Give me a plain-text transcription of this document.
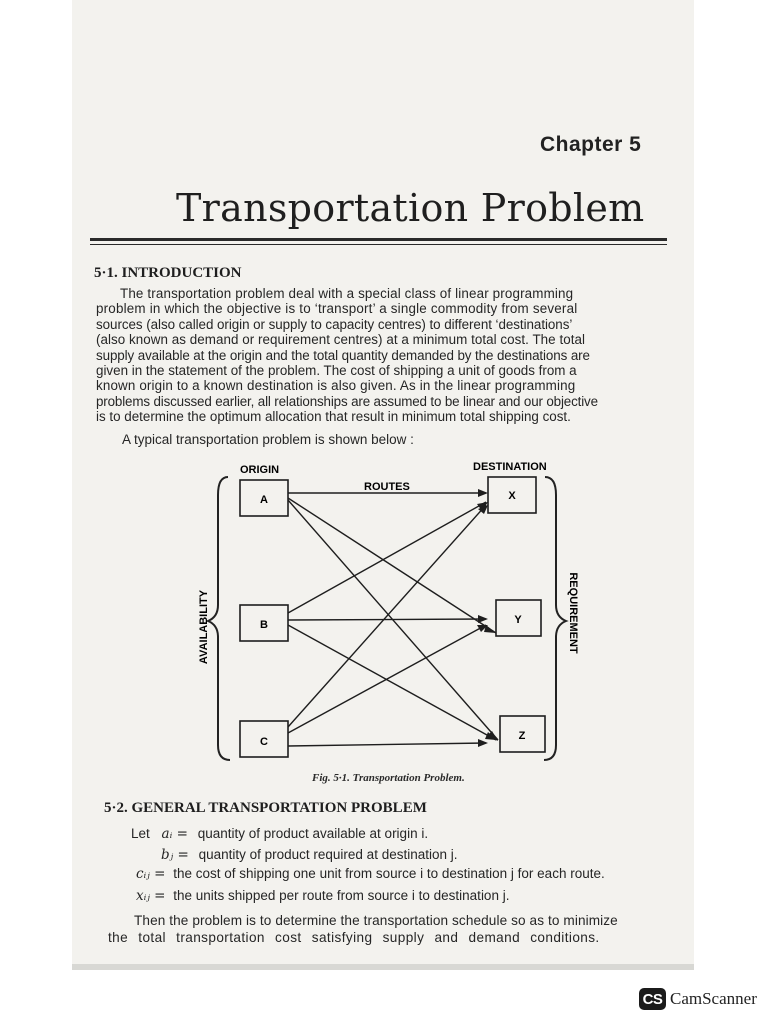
Chapter 5
Transportation Problem
5·1. INTRODUCTION
The transportation problem deal with a special class of linear programming
problem in which the objective is to ‘transport’ a single commodity from several
sources (also called origin or supply to capacity centres) to different ‘destinations’
(also known as demand or requirement centres) at a minimum total cost. The total
supply available at the origin and the total quantity demanded by the destinations are
given in the statement of the problem. The cost of shipping a unit of goods from a
known origin to a known destination is also given. As in the linear programming
problems discussed earlier, all relationships are assumed to be linear and our objective
is to determine the optimum allocation that result in minimum total shipping cost.
A typical transportation problem is shown below :
A
B
C
X
Y
Z
ORIGIN	DESTINATION
ROUTES
AVAILABILITY	REQUIREMENT
Fig. 5·1. Transportation Problem.
5·2. GENERAL TRANSPORTATION PROBLEM
Let aᵢ = quantity of product available at origin i.
bⱼ = quantity of product required at destination j.
cᵢⱼ = the cost of shipping one unit from source i to destination j for each route.
xᵢⱼ = the units shipped per route from source i to destination j.
Then the problem is to determine the transportation schedule so as to minimize
the total transportation cost satisfying supply and demand conditions.
CS CamScanner
